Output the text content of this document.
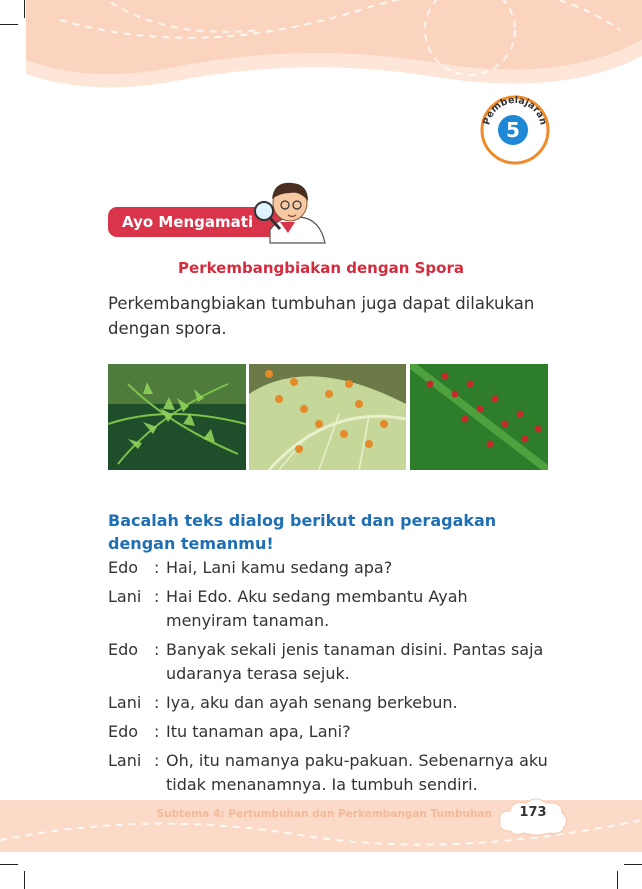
Pembelajaran
5
Ayo Mengamati
Perkembangbiakan dengan Spora
Perkembangbiakan tumbuhan juga dapat dilakukan dengan spora.
Bacalah teks dialog berikut dan peragakan dengan temanmu!
Edo : Hai, Lani kamu sedang apa?
Lani : Hai Edo. Aku sedang membantu Ayah menyiram tanaman.
Edo : Banyak sekali jenis tanaman disini. Pantas saja udaranya terasa sejuk.
Lani : Iya, aku dan ayah senang berkebun.
Edo : Itu tanaman apa, Lani?
Lani : Oh, itu namanya paku-pakuan. Sebenarnya aku tidak menanamnya. Ia tumbuh sendiri.
Subtema 4: Pertumbuhan dan Perkembangan Tumbuhan	173
